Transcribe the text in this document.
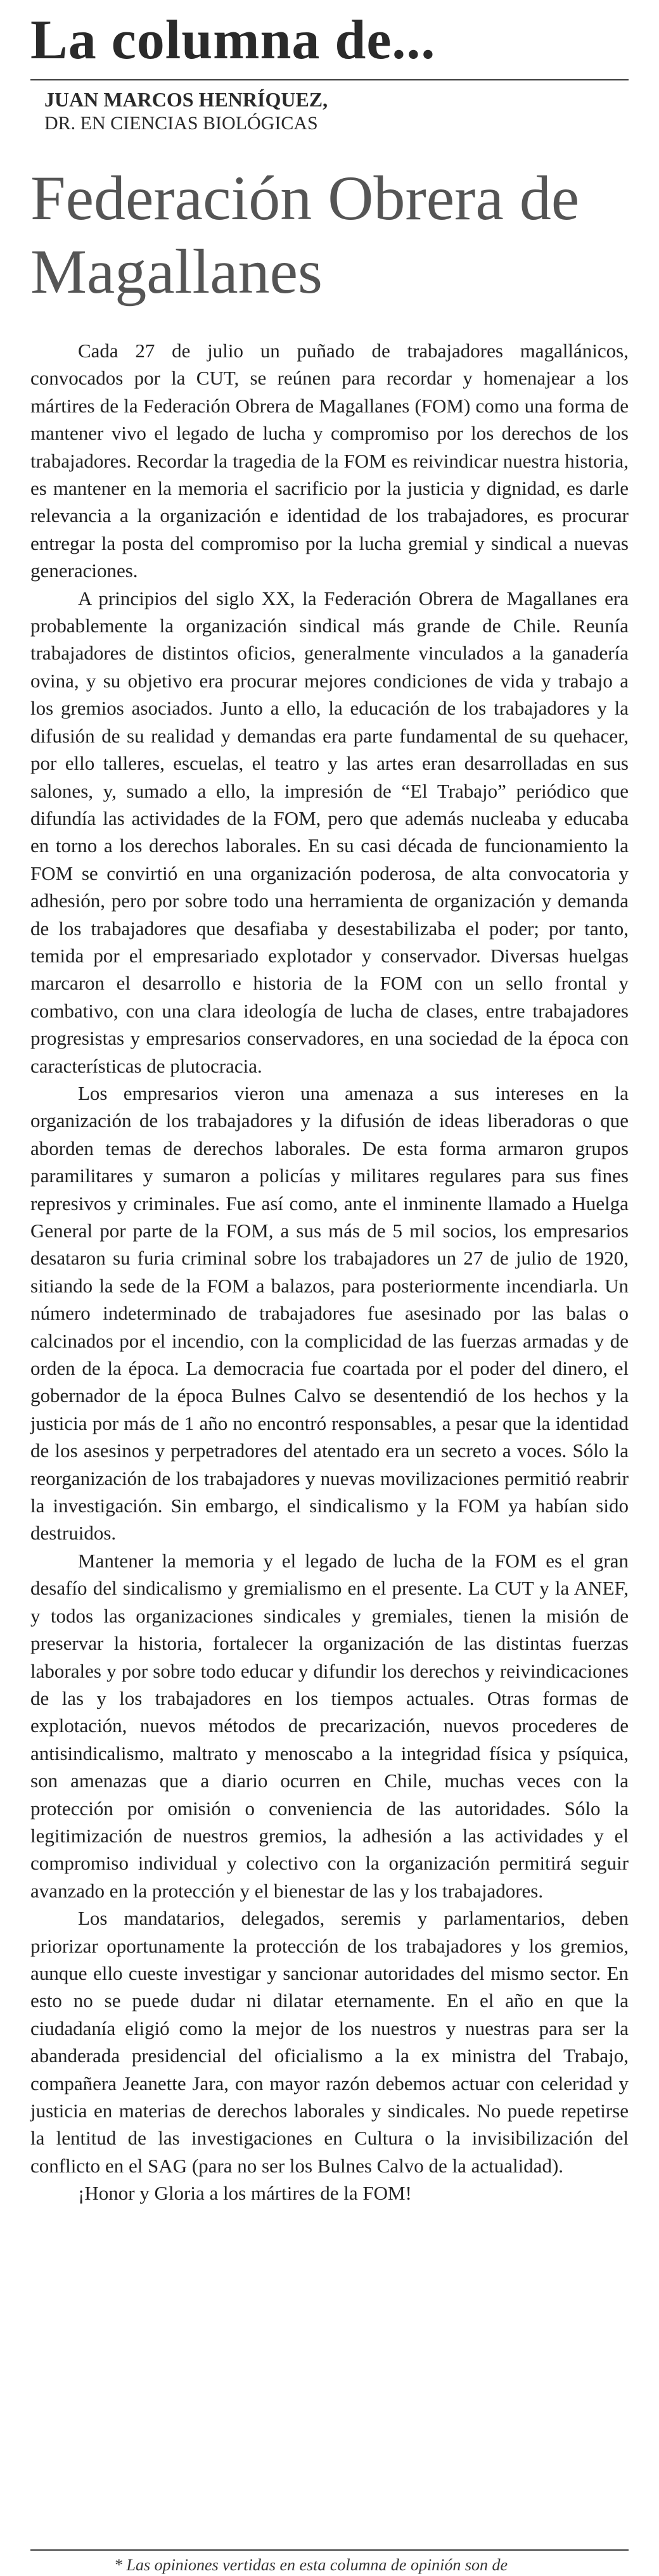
La columna de...
JUAN MARCOS HENRÍQUEZ,
DR. EN CIENCIAS BIOLÓGICAS
Federación Obrera de Magallanes

Cada 27 de julio un puñado de trabajadores magallánicos, convocados por la CUT, se reúnen para recordar y homenajear a los mártires de la Federación Obrera de Magallanes (FOM) como una forma de mantener vivo el legado de lucha y compromiso por los derechos de los trabajadores. Recordar la tragedia de la FOM es reivindicar nuestra historia, es mantener en la memoria el sacrificio por la justicia y dignidad, es darle relevancia a la organización e identidad de los trabajadores, es procurar entregar la posta del compromiso por la lucha gremial y sindical a nuevas generaciones.

A principios del siglo XX, la Federación Obrera de Magallanes era probablemente la organización sindical más grande de Chile. Reunía trabajadores de distintos oficios, generalmente vinculados a la ganadería ovina, y su objetivo era procurar mejores condiciones de vida y trabajo a los gremios asociados. Junto a ello, la educación de los trabajadores y la difusión de su realidad y demandas era parte fundamental de su quehacer, por ello talleres, escuelas, el teatro y las artes eran desarrolladas en sus salones, y, sumado a ello, la impresión de “El Trabajo” periódico que difundía las actividades de la FOM, pero que además nucleaba y educaba en torno a los derechos laborales. En su casi década de funcionamiento la FOM se convirtió en una organización poderosa, de alta convocatoria y adhesión, pero por sobre todo una herramienta de organización y demanda de los trabajadores que desafiaba y desestabilizaba el poder; por tanto, temida por el empresariado explotador y conservador. Diversas huelgas marcaron el desarrollo e historia de la FOM con un sello frontal y combativo, con una clara ideología de lucha de clases, entre trabajadores progresistas y empresarios conservadores, en una sociedad de la época con características de plutocracia.

Los empresarios vieron una amenaza a sus intereses en la organización de los trabajadores y la difusión de ideas liberadoras o que aborden temas de derechos laborales. De esta forma armaron grupos paramilitares y sumaron a policías y militares regulares para sus fines represivos y criminales. Fue así como, ante el inminente llamado a Huelga General por parte de la FOM, a sus más de 5 mil socios, los empresarios desataron su furia criminal sobre los trabajadores un 27 de julio de 1920, sitiando la sede de la FOM a balazos, para posteriormente incendiarla. Un número indeterminado de trabajadores fue asesinado por las balas o calcinados por el incendio, con la complicidad de las fuerzas armadas y de orden de la época. La democracia fue coartada por el poder del dinero, el gobernador de la época Bulnes Calvo se desentendió de los hechos y la justicia por más de 1 año no encontró responsables, a pesar que la identidad de los asesinos y perpetradores del atentado era un secreto a voces. Sólo la reorganización de los trabajadores y nuevas movilizaciones permitió reabrir la investigación. Sin embargo, el sindicalismo y la FOM ya habían sido destruidos.

Mantener la memoria y el legado de lucha de la FOM es el gran desafío del sindicalismo y gremialismo en el presente. La CUT y la ANEF, y todos las organizaciones sindicales y gremiales, tienen la misión de preservar la historia, fortalecer la organización de las distintas fuerzas laborales y por sobre todo educar y difundir los derechos y reivindicaciones de las y los trabajadores en los tiempos actuales. Otras formas de explotación, nuevos métodos de precarización, nuevos procederes de antisindicalismo, maltrato y menoscabo a la integridad física y psíquica, son amenazas que a diario ocurren en Chile, muchas veces con la protección por omisión o conveniencia de las autoridades. Sólo la legitimización de nuestros gremios, la adhesión a las actividades y el compromiso individual y colectivo con la organización permitirá seguir avanzado en la protección y el bienestar de las y los trabajadores.

Los mandatarios, delegados, seremis y parlamentarios, deben priorizar oportunamente la protección de los trabajadores y los gremios, aunque ello cueste investigar y sancionar autoridades del mismo sector. En esto no se puede dudar ni dilatar eternamente. En el año en que la ciudadanía eligió como la mejor de los nuestros y nuestras para ser la abanderada presidencial del oficialismo a la ex ministra del Trabajo, compañera Jeanette Jara, con mayor razón debemos actuar con celeridad y justicia en materias de derechos laborales y sindicales. No puede repetirse la lentitud de las investigaciones en Cultura o la invisibilización del conflicto en el SAG (para no ser los Bulnes Calvo de la actualidad).

¡Honor y Gloria a los mártires de la FOM!

* Las opiniones vertidas en esta columna de opinión son de
